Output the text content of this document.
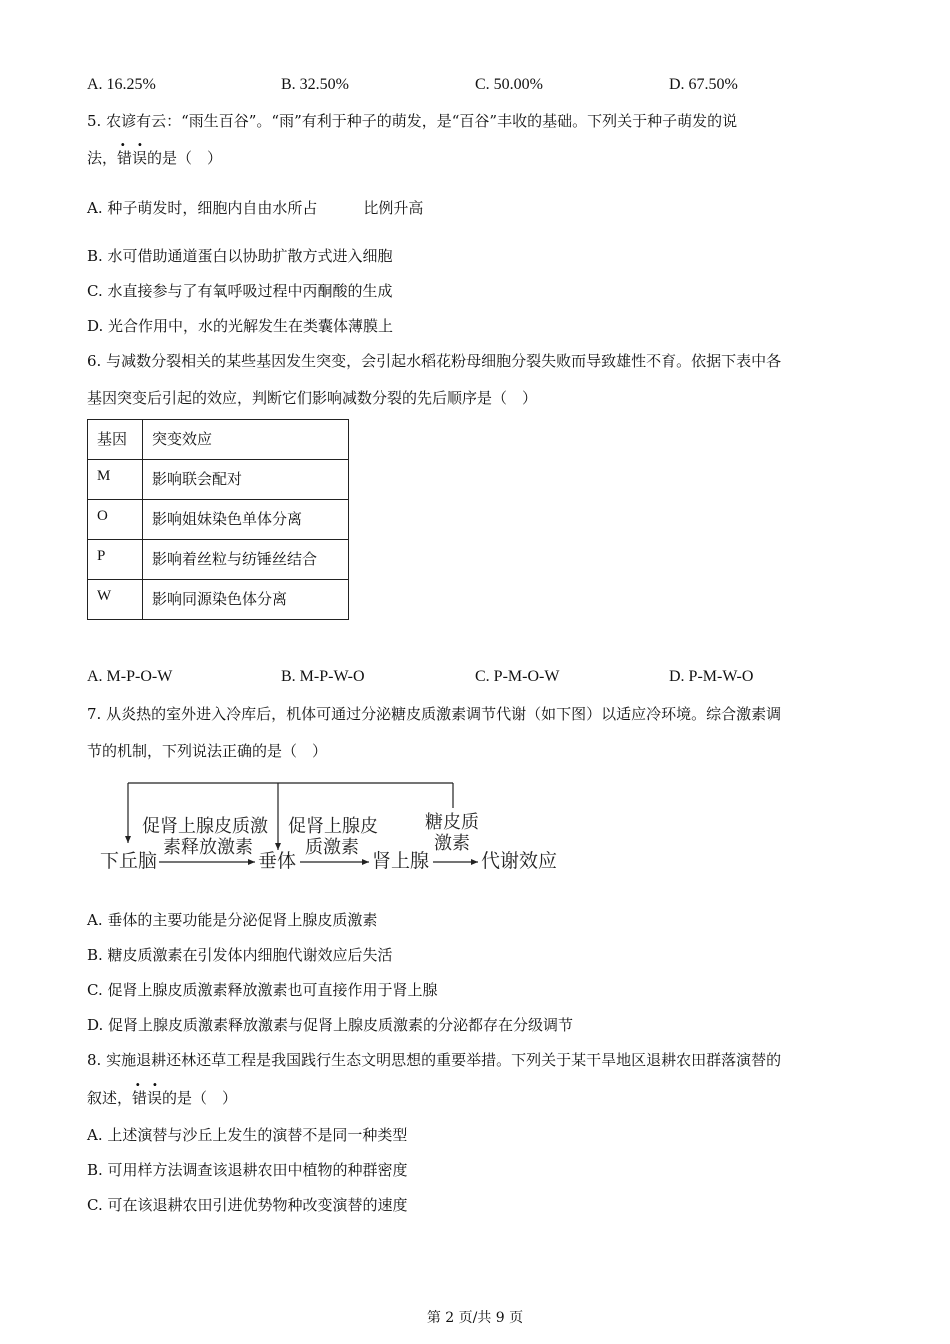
A. 16.25%	B. 32.50%	C. 50.00%	D. 67.50%
5. 农谚有云：“雨生百谷”。“雨”有利于种子的萌发，是“百谷”丰收的基础。下列关于种子萌发的说
法，· · 错误的是（　）
A. 种子萌发时，细胞内自由水所占	比例升高
B. 水可借助通道蛋白以协助扩散方式进入细胞
C. 水直接参与了有氧呼吸过程中丙酮酸的生成
D. 光合作用中，水的光解发生在类囊体薄膜上
6. 与减数分裂相关的某些基因发生突变，会引起水稻花粉母细胞分裂失败而导致雄性不育。依据下表中各
基因突变后引起的效应，判断它们影响减数分裂的先后顺序是（　）
基因	突变效应
M	影响联会配对
O	影响姐妹染色单体分离
P	影响着丝粒与纺锤丝结合
W	影响同源染色体分离
A. M-P-O-W	B. M-P-W-O	C. P-M-O-W	D. P-M-W-O
7. 从炎热的室外进入冷库后，机体可通过分泌糖皮质激素调节代谢（如下图）以适应冷环境。综合激素调
节的机制，下列说法正确的是（　）
下丘脑
促肾上腺皮质激
素释放激素
垂体
促肾上腺皮
质激素
肾上腺
糖皮质
激素
代谢效应
A. 垂体的主要功能是分泌促肾上腺皮质激素
B. 糖皮质激素在引发体内细胞代谢效应后失活
C. 促肾上腺皮质激素释放激素也可直接作用于肾上腺
D. 促肾上腺皮质激素释放激素与促肾上腺皮质激素的分泌都存在分级调节
8. 实施退耕还林还草工程是我国践行生态文明思想的重要举措。下列关于某干旱地区退耕农田群落演替的
叙述，· · 错误的是（　）
A. 上述演替与沙丘上发生的演替不是同一种类型
B. 可用样方法调查该退耕农田中植物的种群密度
C. 可在该退耕农田引进优势物种改变演替的速度
第 2 页/共 9 页
